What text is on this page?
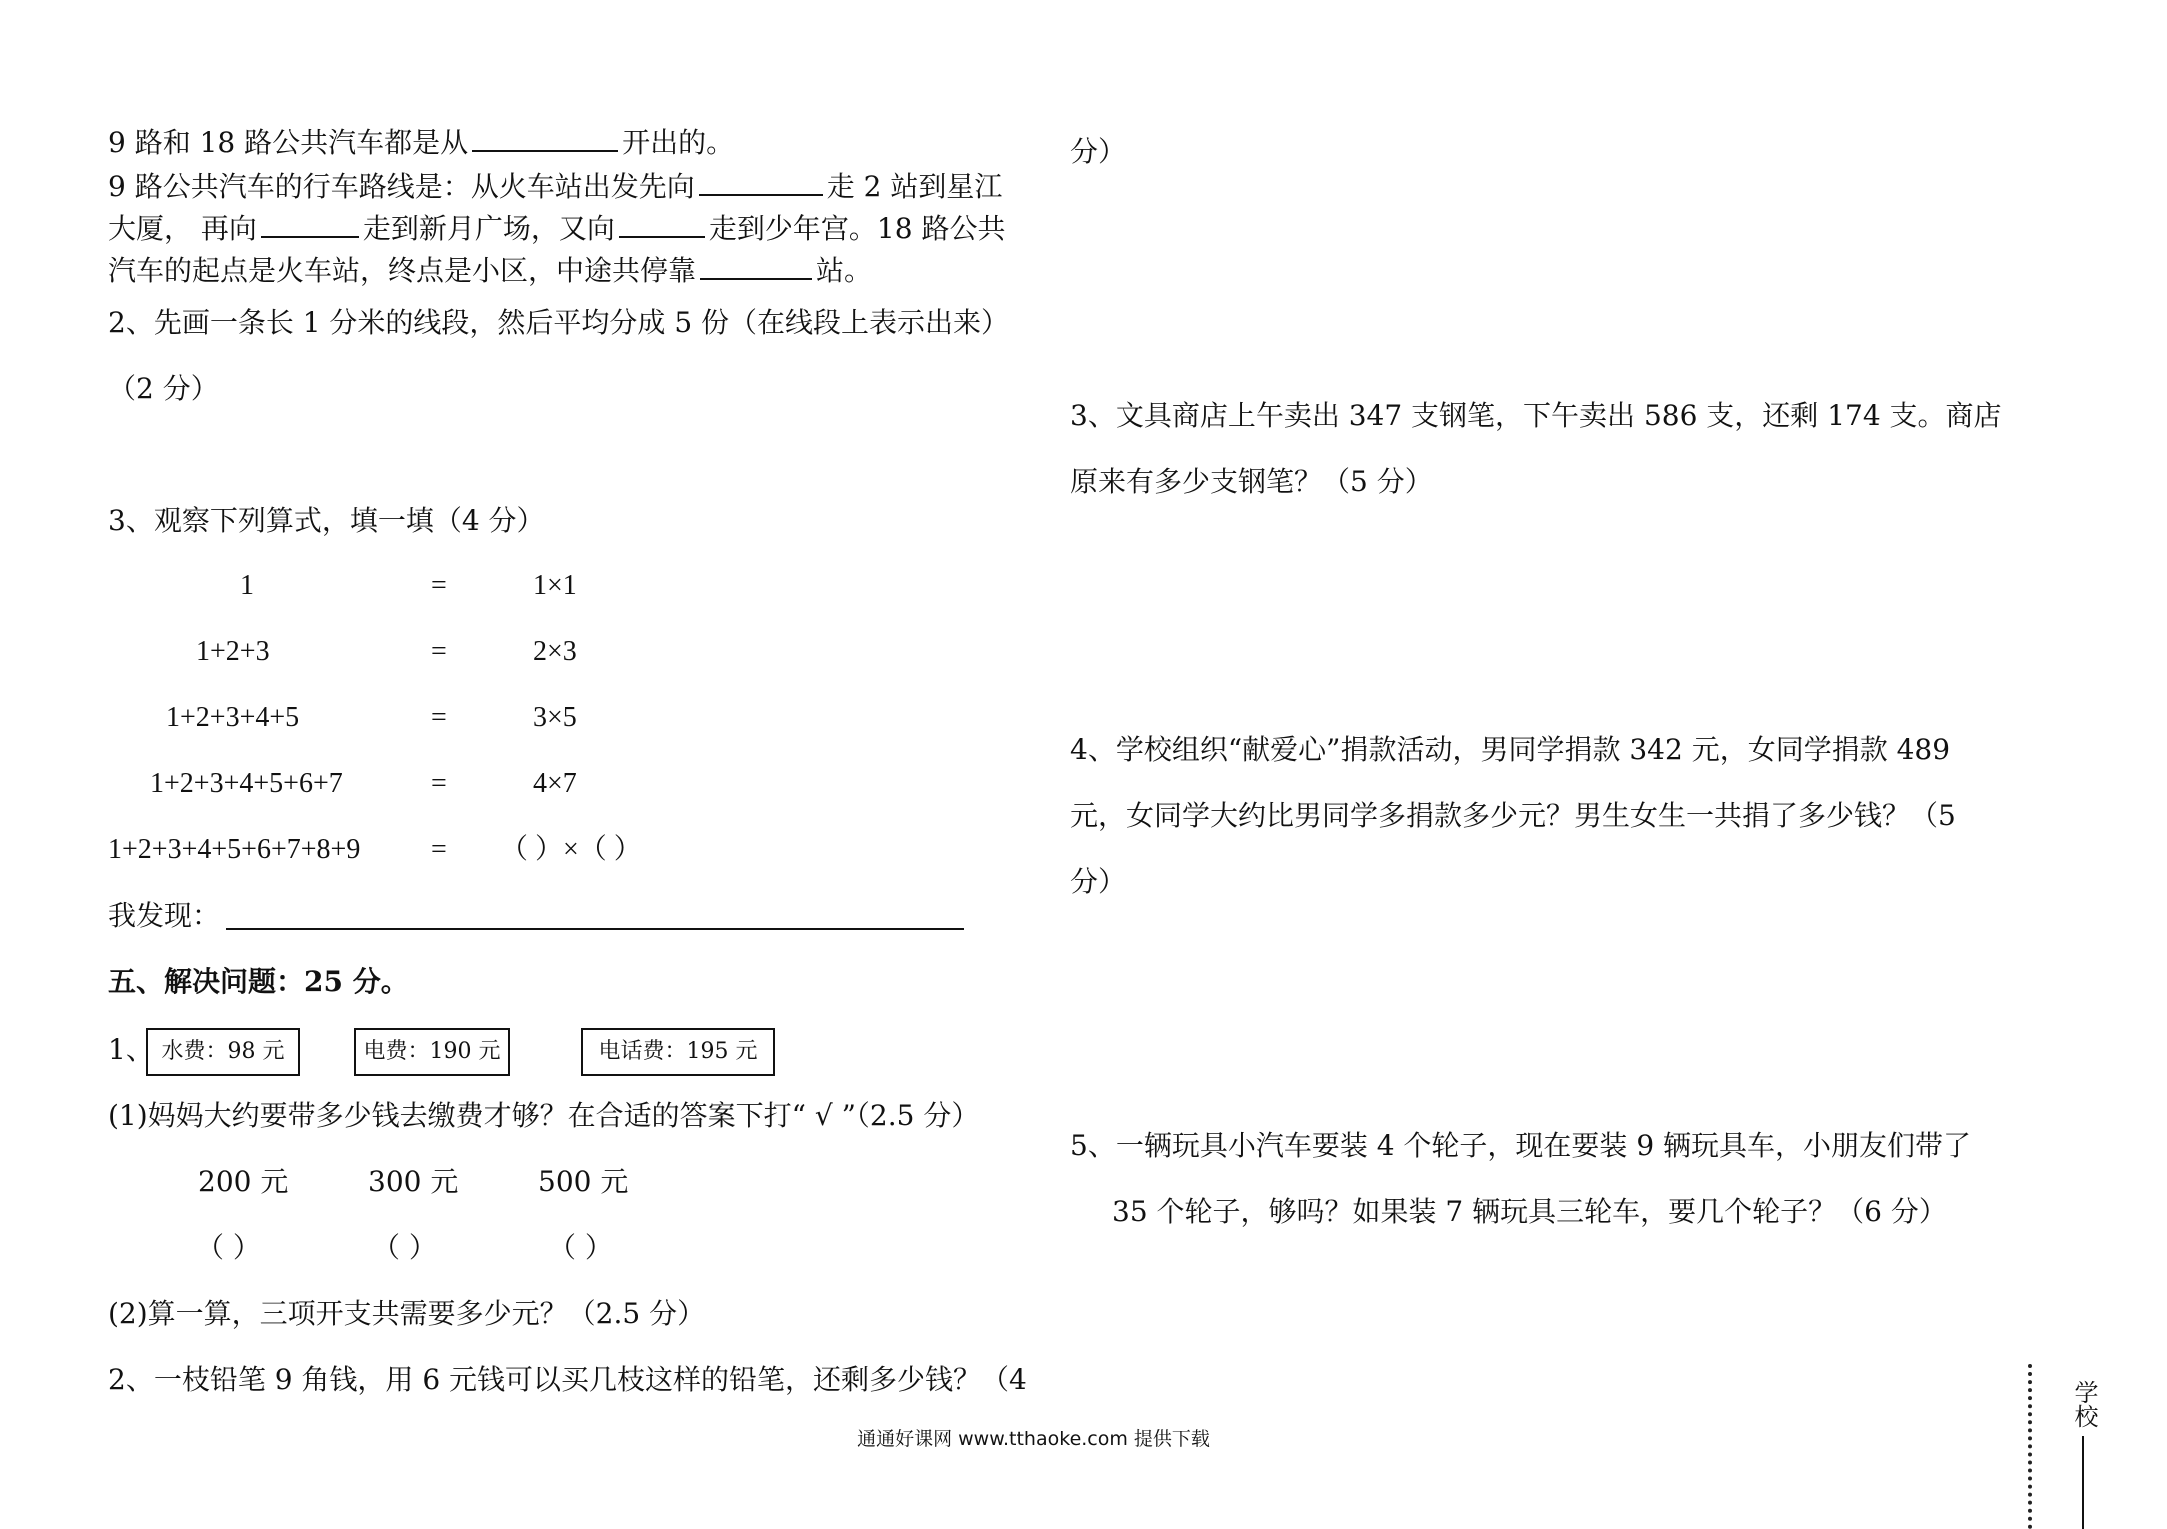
9 路和 18 路公共汽车都是从	开出的。
9 路公共汽车的行车路线是：从火车站出发先向	走 2 站到星江
大厦， 再向	走到新月广场，又向	走到少年宫。18 路公共
汽车的起点是火车站，终点是小区，中途共停靠	站。
2、先画一条长 1 分米的线段，然后平均分成 5 份（在线段上表示出来）
（2 分）
3、观察下列算式，填一填（4 分）
1	=	1×1
1+2+3	=	2×3
1+2+3+4+5	=	3×5
1+2+3+4+5+6+7	=	4×7
1+2+3+4+5+6+7+8+9	= （ ）×（ ）
我发现：
五、解决问题：25 分。
1、 水费：98 元	电费：190 元	电话费：195 元
(1)妈妈大约要带多少钱去缴费才够？在合适的答案下打“ √ ”（2.5 分）
200 元	300 元	500 元
（ ）	（ ）	（ ）
(2)算一算，三项开支共需要多少元？（2.5 分）
2、一枝铅笔 9 角钱，用 6 元钱可以买几枝这样的铅笔，还剩多少钱？（4
分）
3、文具商店上午卖出 347 支钢笔，下午卖出 586 支，还剩 174 支。商店
原来有多少支钢笔？（5 分）
4、学校组织“献爱心”捐款活动，男同学捐款 342 元，女同学捐款 489
元，女同学大约比男同学多捐款多少元？男生女生一共捐了多少钱？（5
分）
5、一辆玩具小汽车要装 4 个轮子，现在要装 9 辆玩具车，小朋友们带了
35 个轮子，够吗？如果装 7 辆玩具三轮车，要几个轮子？（6 分）
通通好课网 www.tthaoke.com 提供下载
学校
